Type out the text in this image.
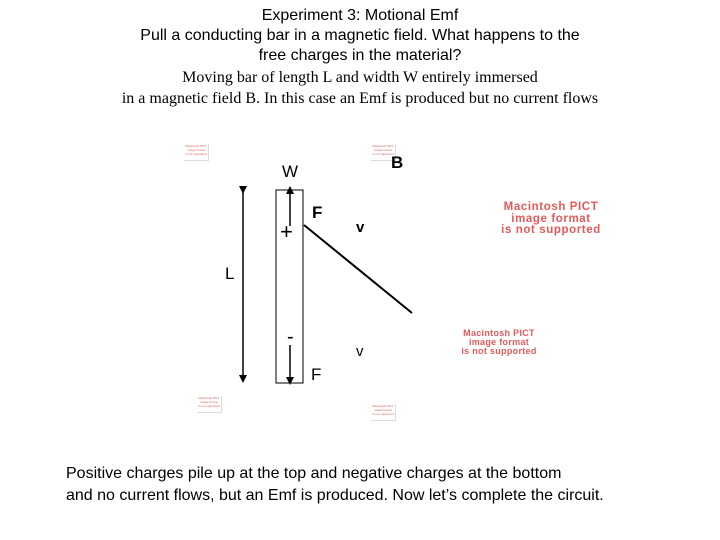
Experiment 3: Motional Emf
Pull a conducting bar in a magnetic field. What happens to the
free charges in the material?
Moving bar of length L and width W entirely immersed
in a magnetic field B. In this case an Emf is produced but no current flows
Macintosh PICT
image format
is not supported
Macintosh PICT
image format
is not supported
Macintosh PICT
image format
is not supported	Macintosh PICT
image format
is not supported
W	B
F
v
+
L
-
v
F
Macintosh PICT
image format
is not supported
Macintosh PICT
image format
is not supported
Positive charges pile up at the top and negative charges at the bottom
and no current flows, but an Emf is produced. Now let’s complete the circuit.
